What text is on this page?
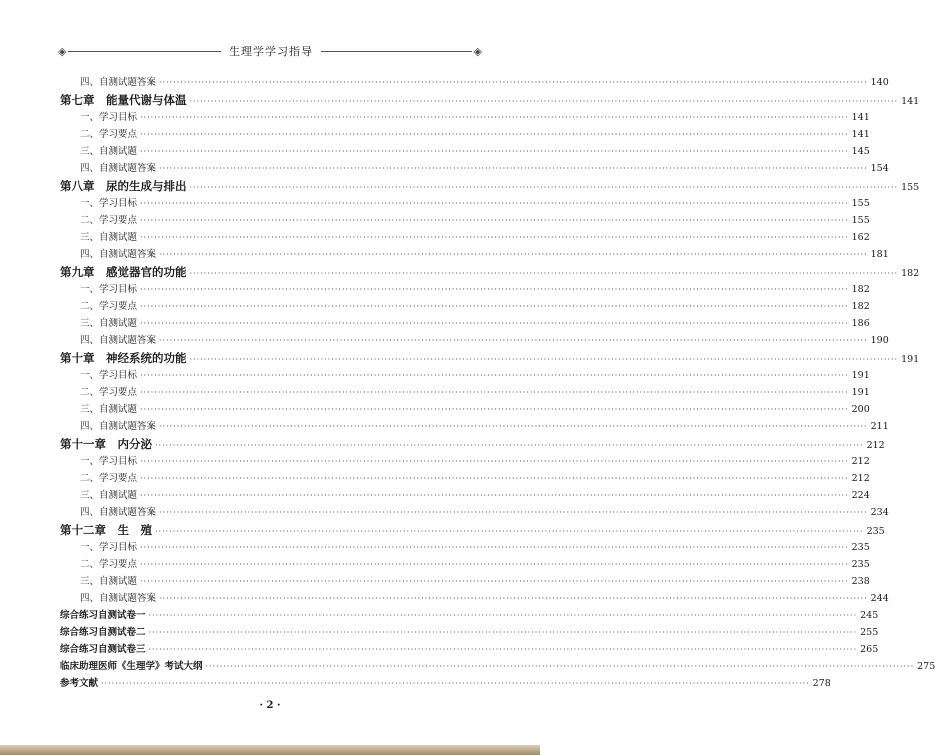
◈	生理学学习指导	◈
四、自测试题答案 ········································································································································································································ 140
第七章　能量代谢与体温 ········································································································································································································ 141
一、学习目标 ········································································································································································································ 141
二、学习要点 ········································································································································································································ 141
三、自测试题 ········································································································································································································ 145
四、自测试题答案 ········································································································································································································ 154
第八章　尿的生成与排出 ········································································································································································································ 155
一、学习目标 ········································································································································································································ 155
二、学习要点 ········································································································································································································ 155
三、自测试题 ········································································································································································································ 162
四、自测试题答案 ········································································································································································································ 181
第九章　感觉器官的功能 ········································································································································································································ 182
一、学习目标 ········································································································································································································ 182
二、学习要点 ········································································································································································································ 182
三、自测试题 ········································································································································································································ 186
四、自测试题答案 ········································································································································································································ 190
第十章　神经系统的功能 ········································································································································································································ 191
一、学习目标 ········································································································································································································ 191
二、学习要点 ········································································································································································································ 191
三、自测试题 ········································································································································································································ 200
四、自测试题答案 ········································································································································································································ 211
第十一章　内分泌 ········································································································································································································ 212
一、学习目标 ········································································································································································································ 212
二、学习要点 ········································································································································································································ 212
三、自测试题 ········································································································································································································ 224
四、自测试题答案 ········································································································································································································ 234
第十二章　生　殖 ········································································································································································································ 235
一、学习目标 ········································································································································································································ 235
二、学习要点 ········································································································································································································ 235
三、自测试题 ········································································································································································································ 238
四、自测试题答案 ········································································································································································································ 244
综合练习自测试卷一 ········································································································································································································ 245
综合练习自测试卷二 ········································································································································································································ 255
综合练习自测试卷三 ········································································································································································································ 265
临床助理医师《生理学》考试大纲 ········································································································································································································ 275
参考文献 ········································································································································································································ 278
· 2 ·
